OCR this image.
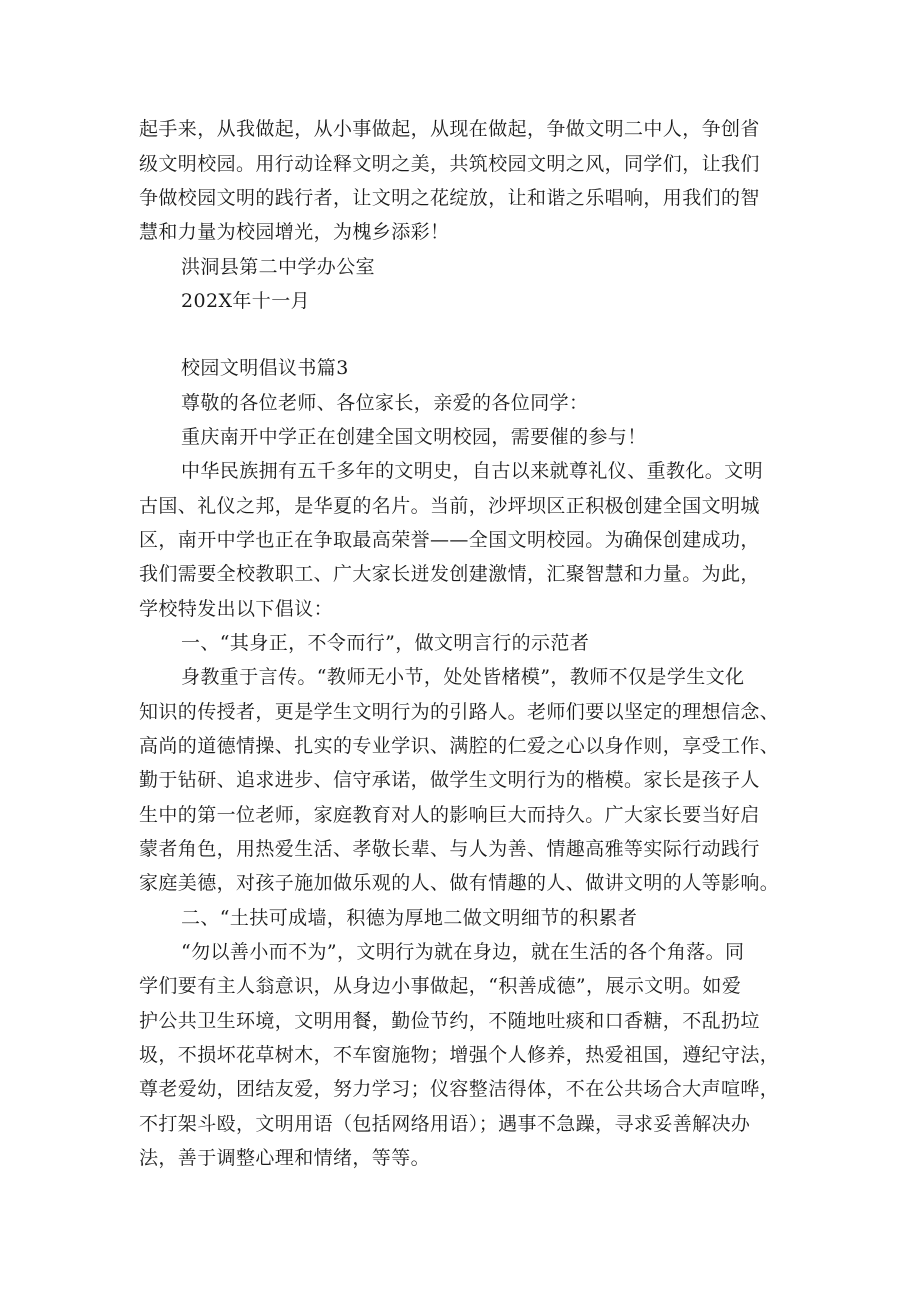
起手来，从我做起，从小事做起，从现在做起，争做文明二中人，争创省

级文明校园。用行动诠释文明之美，共筑校园文明之风，同学们，让我们

争做校园文明的践行者，让文明之花绽放，让和谐之乐唱响，用我们的智

慧和力量为校园增光，为槐乡添彩！

洪洞县第二中学办公室

202X年十一月

校园文明倡议书篇3

尊敬的各位老师、各位家长，亲爱的各位同学：

重庆南开中学正在创建全国文明校园，需要催的参与！

中华民族拥有五千多年的文明史，自古以来就尊礼仪、重教化。文明

古国、礼仪之邦，是华夏的名片。当前，沙坪坝区正积极创建全国文明城

区，南开中学也正在争取最高荣誉——全国文明校园。为确保创建成功，

我们需要全校教职工、广大家长迸发创建激情，汇聚智慧和力量。为此，

学校特发出以下倡议：

一、“其身正，不令而行”，做文明言行的示范者

身教重于言传。“教师无小节，处处皆楮模”，教师不仅是学生文化

知识的传授者，更是学生文明行为的引路人。老师们要以坚定的理想信念、

高尚的道德情操、扎实的专业学识、满腔的仁爱之心以身作则，享受工作、

勤于钻研、追求进步、信守承诺，做学生文明行为的楷模。家长是孩子人

生中的第一位老师，家庭教育对人的影响巨大而持久。广大家长要当好启

蒙者角色，用热爱生活、孝敬长辈、与人为善、情趣高雅等实际行动践行

家庭美德，对孩子施加做乐观的人、做有情趣的人、做讲文明的人等影响。

二、“土扶可成墙，积德为厚地二做文明细节的积累者

“勿以善小而不为”，文明行为就在身边，就在生活的各个角落。同

学们要有主人翁意识，从身边小事做起，“积善成德”，展示文明。如爱

护公共卫生环境，文明用餐，勤俭节约，不随地吐痰和口香糖，不乱扔垃

圾，不损坏花草树木，不车窗施物；增强个人修养，热爱祖国，遵纪守法，

尊老爱幼，团结友爱，努力学习；仪容整洁得体，不在公共场合大声喧哗，

不打架斗殴，文明用语（包括网络用语）；遇事不急躁，寻求妥善解决办

法，善于调整心理和情绪，等等。
